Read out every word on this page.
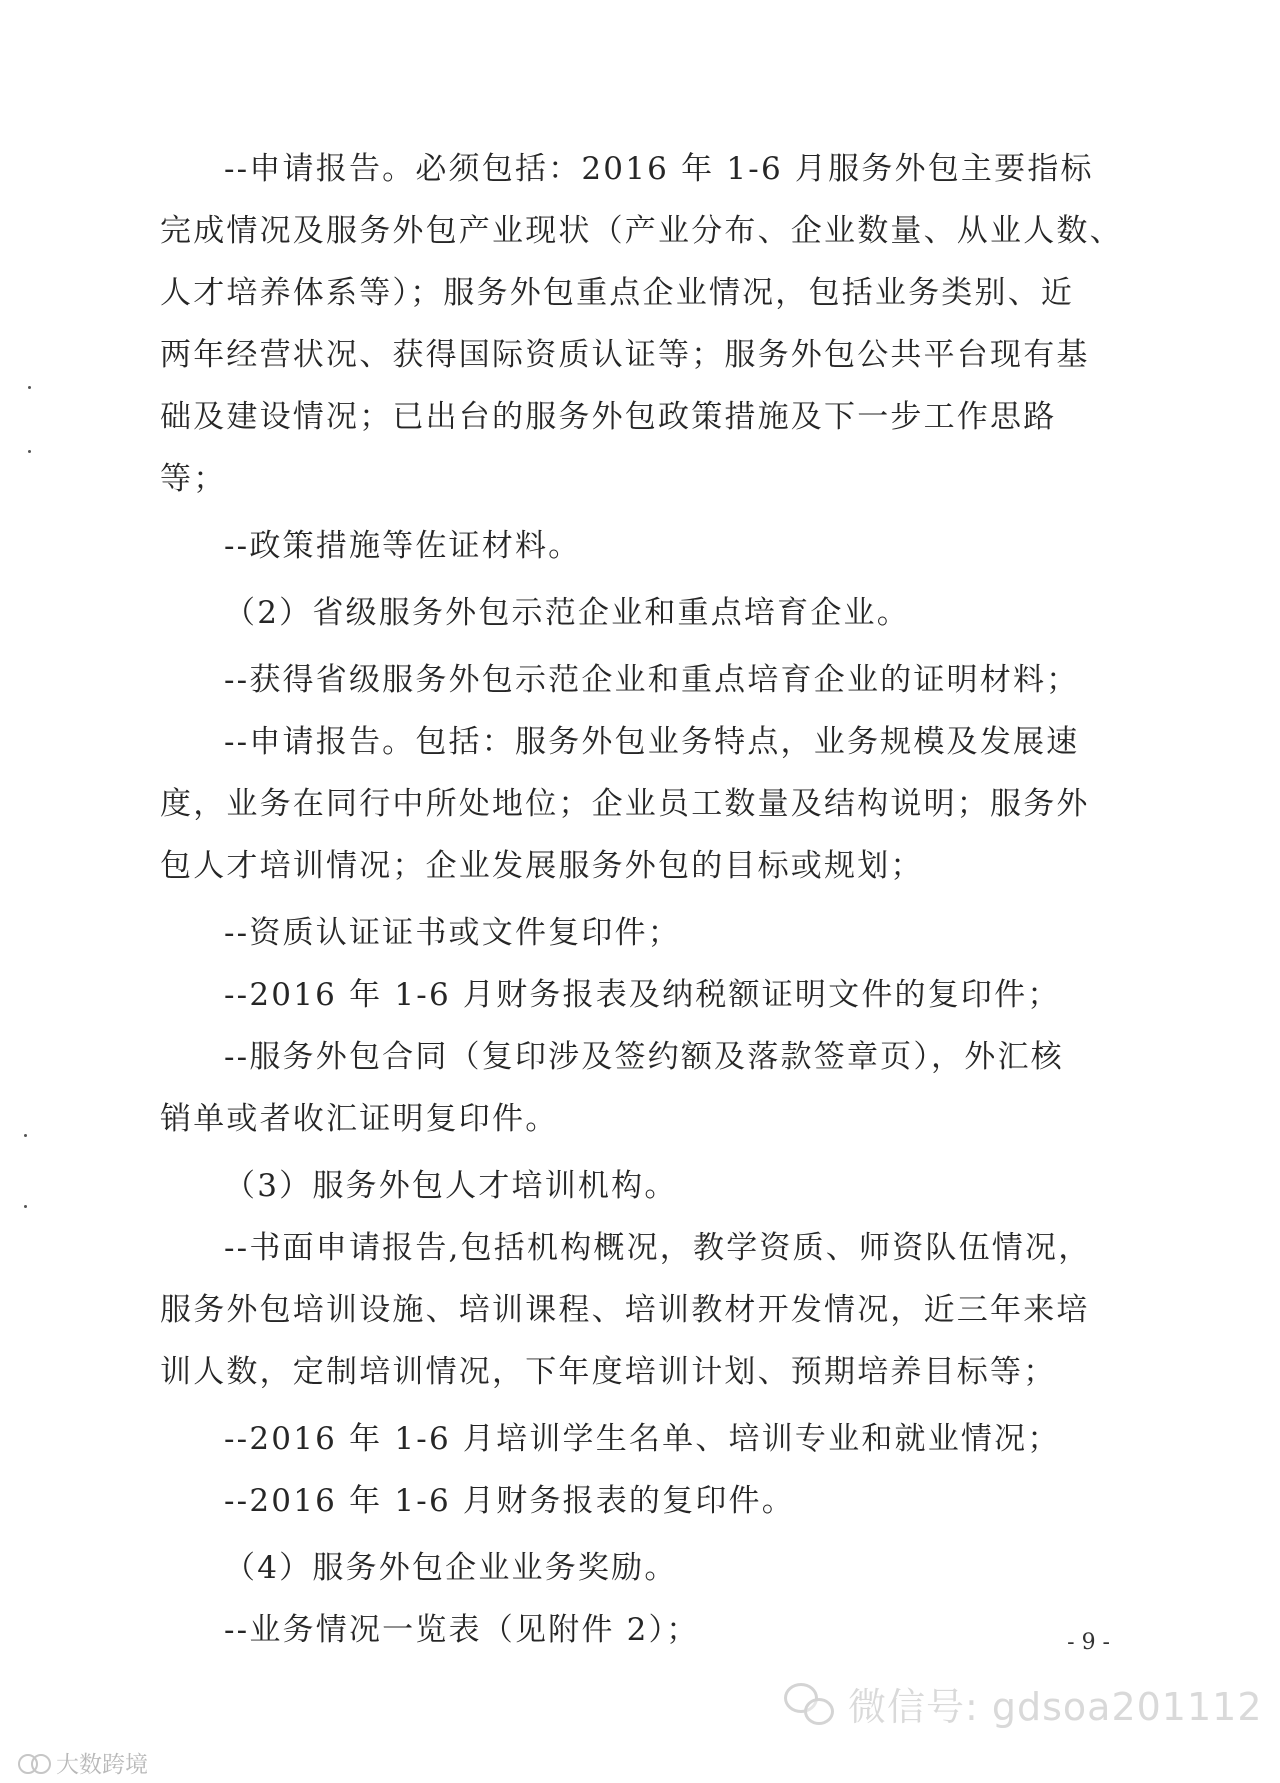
--申请报告。必须包括：2016 年 1-6 月服务外包主要指标
完成情况及服务外包产业现状（产业分布、企业数量、从业人数、
人才培养体系等）；服务外包重点企业情况，包括业务类别、近
两年经营状况、获得国际资质认证等；服务外包公共平台现有基
础及建设情况；已出台的服务外包政策措施及下一步工作思路
等；
--政策措施等佐证材料。
（2）省级服务外包示范企业和重点培育企业。
--获得省级服务外包示范企业和重点培育企业的证明材料；
--申请报告。包括：服务外包业务特点，业务规模及发展速
度，业务在同行中所处地位；企业员工数量及结构说明；服务外
包人才培训情况；企业发展服务外包的目标或规划；
--资质认证证书或文件复印件；
--2016 年 1-6 月财务报表及纳税额证明文件的复印件；
--服务外包合同（复印涉及签约额及落款签章页），外汇核
销单或者收汇证明复印件。
（3）服务外包人才培训机构。
--书面申请报告,包括机构概况，教学资质、师资队伍情况，
服务外包培训设施、培训课程、培训教材开发情况，近三年来培
训人数，定制培训情况，下年度培训计划、预期培养目标等；
--2016 年 1-6 月培训学生名单、培训专业和就业情况；
--2016 年 1-6 月财务报表的复印件。
（4）服务外包企业业务奖励。
--业务情况一览表（见附件 2）；	- 9 -
微信号: gdsoa201112
大数跨境
